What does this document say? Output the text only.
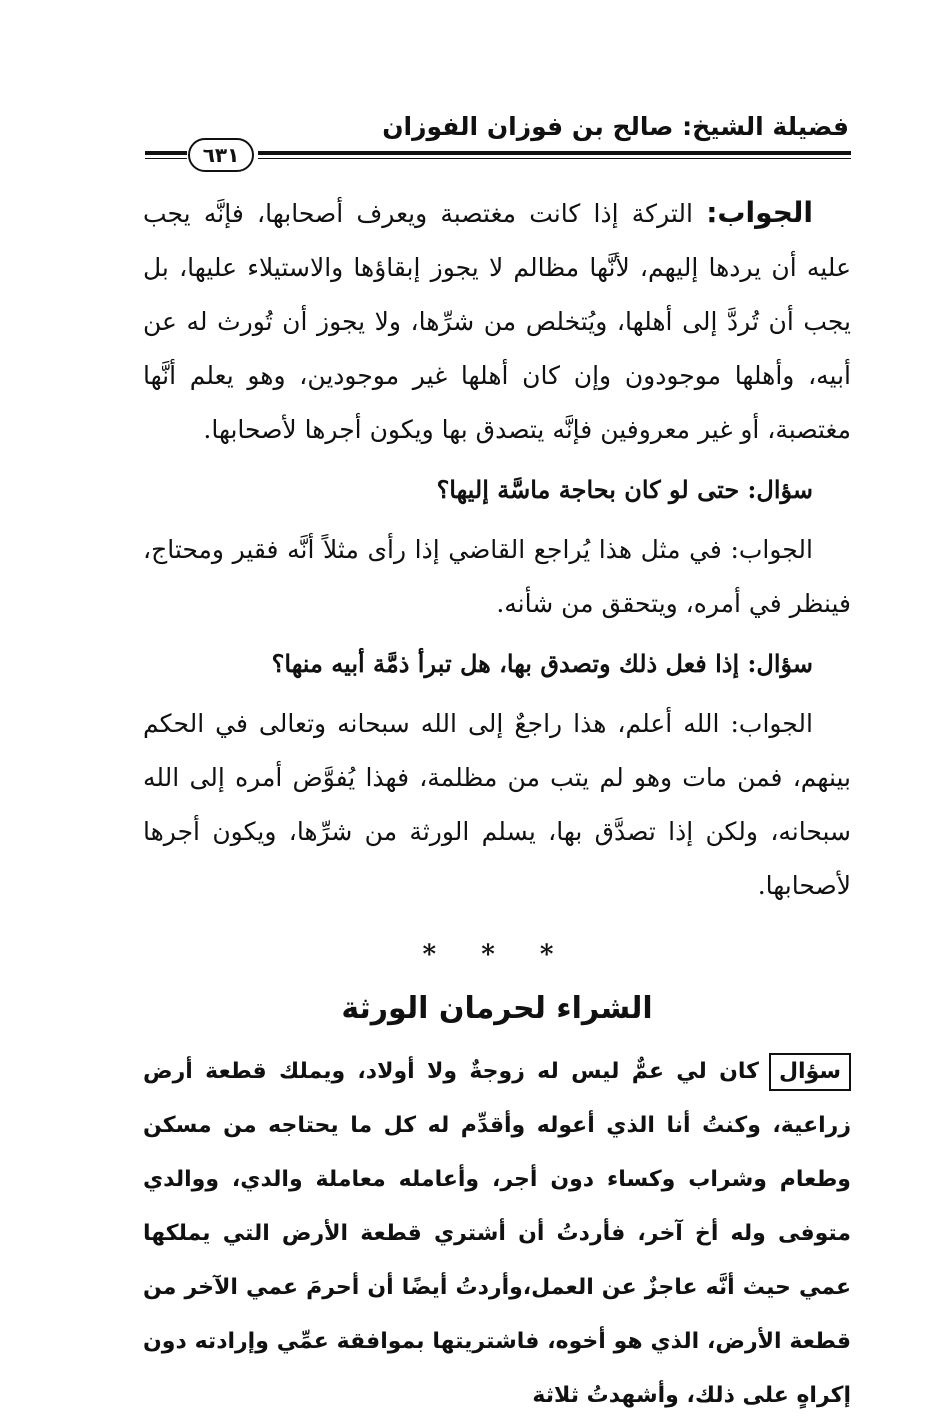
فضيلة الشيخ: صالح بن فوزان الفوزان
٦٣١

الجواب: التركة إذا كانت مغتصبة ويعرف أصحابها، فإنَّه يجب عليه أن يردها إليهم، لأنَّها مظالم لا يجوز إبقاؤها والاستيلاء عليها، بل يجب أن تُردَّ إلى أهلها، ويُتخلص من شرِّها، ولا يجوز أن تُورث له عن أبيه، وأهلها موجودون وإن كان أهلها غير موجودين، وهو يعلم أنَّها مغتصبة، أو غير معروفين فإنَّه يتصدق بها ويكون أجرها لأصحابها.

سؤال: حتى لو كان بحاجة ماسَّة إليها؟

الجواب: في مثل هذا يُراجع القاضي إذا رأى مثلاً أنَّه فقير ومحتاج، فينظر في أمره، ويتحقق من شأنه.

سؤال: إذا فعل ذلك وتصدق بها، هل تبرأ ذمَّة أبيه منها؟

الجواب: الله أعلم، هذا راجعٌ إلى الله سبحانه وتعالى في الحكم بينهم، فمن مات وهو لم يتب من مظلمة، فهذا يُفوَّض أمره إلى الله سبحانه، ولكن إذا تصدَّق بها، يسلم الورثة من شرِّها، ويكون أجرها لأصحابها.

* * *
الشراء لحرمان الورثة

سؤالكان لي عمٌّ ليس له زوجةٌ ولا أولاد، ويملك قطعة أرض زراعية، وكنتُ أنا الذي أعوله وأقدِّم له كل ما يحتاجه من مسكن وطعام وشراب وكساء دون أجر، وأعامله معاملة والدي، ووالدي متوفى وله أخ آخر، فأردتُ أن أشتري قطعة الأرض التي يملكها عمي حيث أنَّه عاجزٌ عن العمل،وأردتُ أيضًا أن أحرمَ عمي الآخر من قطعة الأرض، الذي هو أخوه، فاشتريتها بموافقة عمِّي وإرادته دون إكراهٍ على ذلك، وأشهدتُ ثلاثة
